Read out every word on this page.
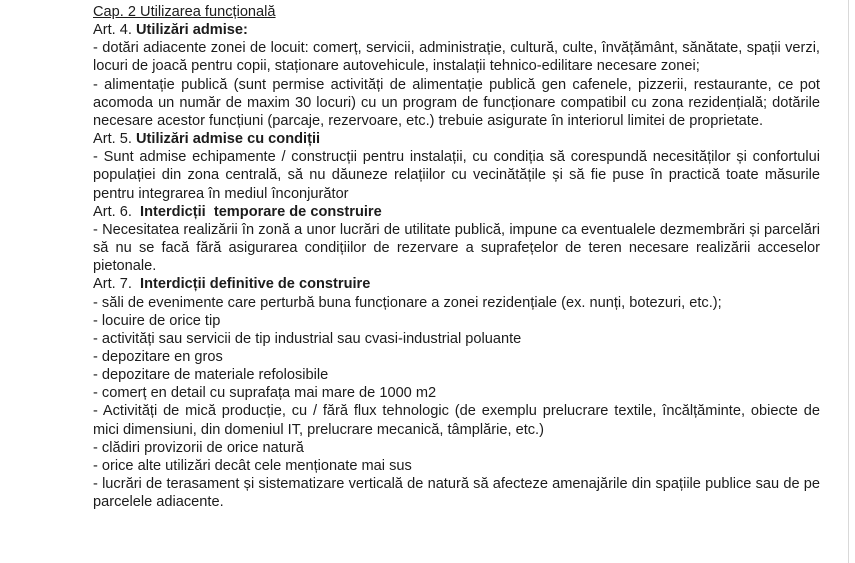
Cap. 2 Utilizarea funcțională

Art. 4. Utilizări admise:

- dotări adiacente zonei de locuit: comerț, servicii, administrație, cultură, culte, învățământ, sănătate, spații verzi, locuri de joacă pentru copii, staționare autovehicule, instalații tehnico-edilitare necesare zonei;

- alimentație publică (sunt permise activități de alimentație publică gen cafenele, pizzerii, restaurante, ce pot acomoda un număr de maxim 30 locuri) cu un program de funcționare compatibil cu zona rezidențială; dotările necesare acestor funcțiuni (parcaje, rezervoare, etc.) trebuie asigurate în interiorul limitei de proprietate.

Art. 5. Utilizări admise cu condiții

- Sunt admise echipamente / construcții pentru instalații, cu condiția să corespundă necesităților și confortului populației din zona centrală, să nu dăuneze relațiilor cu vecinătățile și să fie puse în practică toate măsurile pentru integrarea în mediul înconjurător

Art. 6.  Interdicții  temporare de construire

- Necesitatea realizării în zonă a unor lucrări de utilitate publică, impune ca eventualele dezmembrări și parcelări să nu se facă fără asigurarea condițiilor de rezervare a suprafețelor de teren necesare realizării acceselor pietonale.

Art. 7.  Interdicții definitive de construire

- săli de evenimente care perturbă buna funcționare a zonei rezidențiale (ex. nunți, botezuri, etc.);

- locuire de orice tip

- activități sau servicii de tip industrial sau cvasi-industrial poluante

- depozitare en gros

- depozitare de materiale refolosibile

- comerț en detail cu suprafața mai mare de 1000 m2

- Activități de mică producție, cu / fără flux tehnologic (de exemplu prelucrare textile, încălțăminte, obiecte de mici dimensiuni, din domeniul IT, prelucrare mecanică, tâmplărie, etc.)

- clădiri provizorii de orice natură

- orice alte utilizări decât cele menționate mai sus

- lucrări de terasament și sistematizare verticală de natură să afecteze amenajările din spațiile publice sau de pe parcelele adiacente.
